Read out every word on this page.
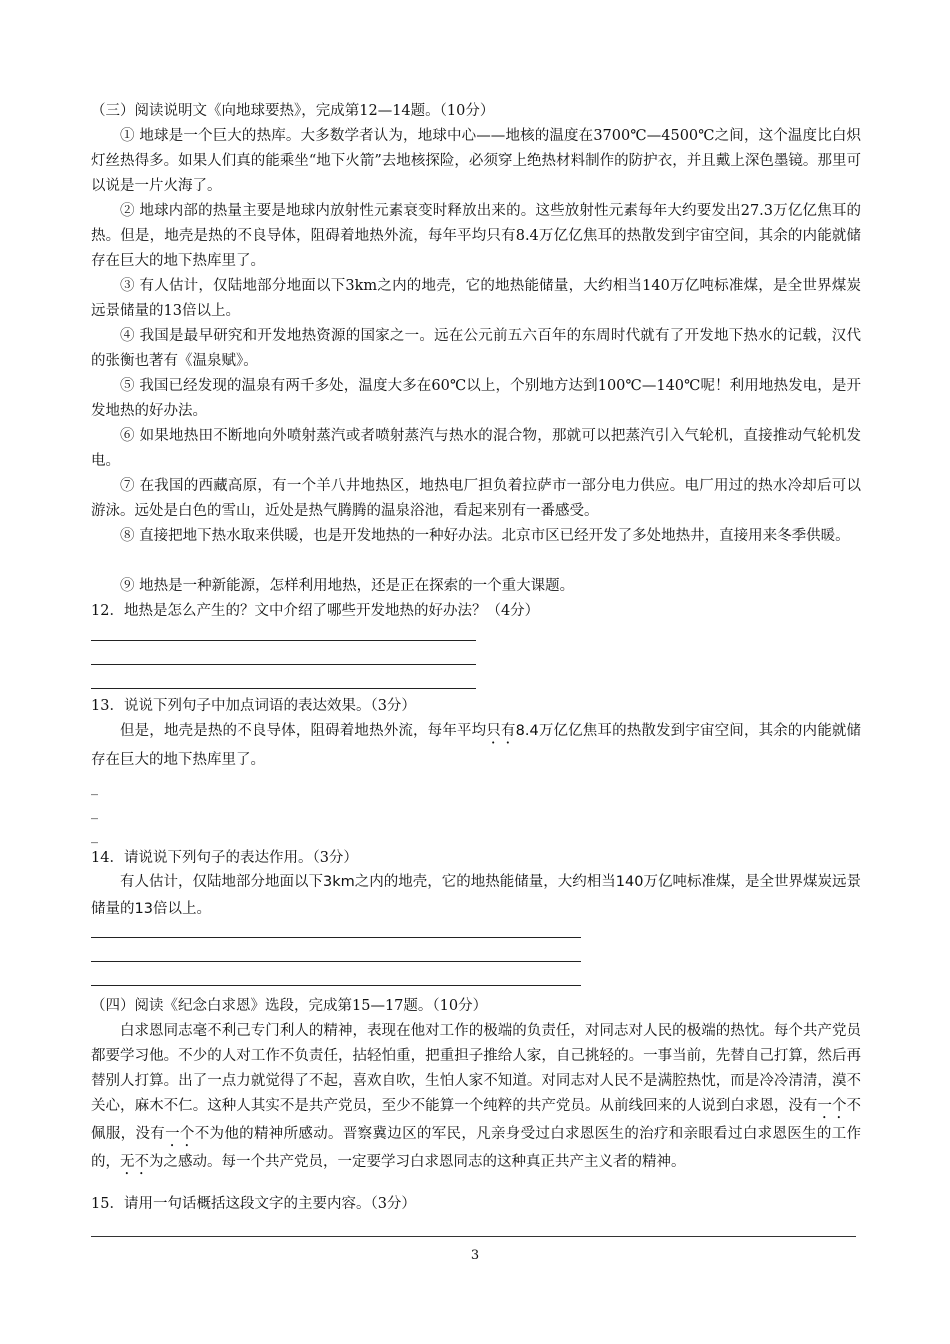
（三）阅读说明文《向地球要热》，完成第12—14题。（10分）

① 地球是一个巨大的热库。大多数学者认为，地球中心——地核的温度在3700℃—4500℃之间，这个温度比白炽灯丝热得多。如果人们真的能乘坐“地下火箭”去地核探险，必须穿上绝热材料制作的防护衣，并且戴上深色墨镜。那里可以说是一片火海了。

② 地球内部的热量主要是地球内放射性元素衰变时释放出来的。这些放射性元素每年大约要发出27.3万亿亿焦耳的热。但是，地壳是热的不良导体，阻碍着地热外流，每年平均只有8.4万亿亿焦耳的热散发到宇宙空间，其余的内能就储存在巨大的地下热库里了。

③ 有人估计，仅陆地部分地面以下3km之内的地壳，它的地热能储量，大约相当140万亿吨标准煤，是全世界煤炭远景储量的13倍以上。

④ 我国是最早研究和开发地热资源的国家之一。远在公元前五六百年的东周时代就有了开发地下热水的记载，汉代的张衡也著有《温泉赋》。

⑤ 我国已经发现的温泉有两千多处，温度大多在60℃以上，个别地方达到100℃—140℃呢！利用地热发电，是开发地热的好办法。

⑥ 如果地热田不断地向外喷射蒸汽或者喷射蒸汽与热水的混合物，那就可以把蒸汽引入气轮机，直接推动气轮机发电。

⑦ 在我国的西藏高原，有一个羊八井地热区，地热电厂担负着拉萨市一部分电力供应。电厂用过的热水冷却后可以游泳。远处是白色的雪山，近处是热气腾腾的温泉浴池，看起来别有一番感受。

⑧ 直接把地下热水取来供暖，也是开发地热的一种好办法。北京市区已经开发了多处地热井，直接用来冬季供暖。

⑨ 地热是一种新能源，怎样利用地热，还是正在探索的一个重大课题。

12．地热是怎么产生的？文中介绍了哪些开发地热的好办法？（4分）

13．说说下列句子中加点词语的表达效果。（3分）

但是，地壳是热的不良导体，阻碍着地热外流，每年平均只有8.4万亿亿焦耳的热散发到宇宙空间，其余的内能就储存在巨大的地下热库里了。

_
_
_

14．请说说下列句子的表达作用。（3分）

有人估计，仅陆地部分地面以下3km之内的地壳，它的地热能储量，大约相当140万亿吨标准煤，是全世界煤炭远景储量的13倍以上。

（四）阅读《纪念白求恩》选段，完成第15—17题。（10分）

白求恩同志毫不利己专门利人的精神，表现在他对工作的极端的负责任，对同志对人民的极端的热忱。每个共产党员都要学习他。不少的人对工作不负责任，拈轻怕重，把重担子推给人家，自己挑轻的。一事当前，先替自己打算，然后再替别人打算。出了一点力就觉得了不起，喜欢自吹，生怕人家不知道。对同志对人民不是满腔热忱，而是冷冷清清，漠不关心，麻木不仁。这种人其实不是共产党员，至少不能算一个纯粹的共产党员。从前线回来的人说到白求恩，没有一个不佩服，没有一个不为他的精神所感动。晋察冀边区的军民，凡亲身受过白求恩医生的治疗和亲眼看过白求恩医生的工作的，无不为之感动。每一个共产党员，一定要学习白求恩同志的这种真正共产主义者的精神。

15．请用一句话概括这段文字的主要内容。（3分）

3
